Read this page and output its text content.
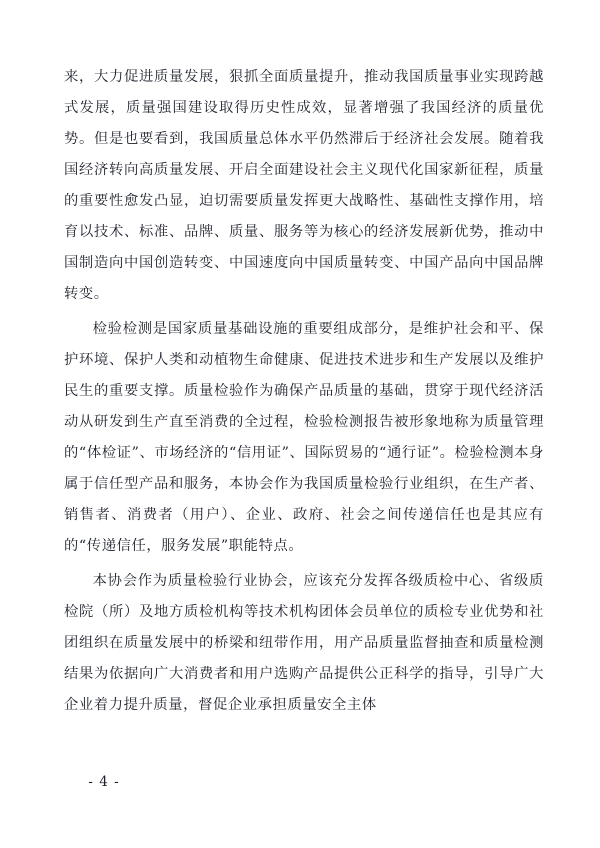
来，大力促进质量发展，狠抓全面质量提升，推动我国质量事业实现跨越式发展，质量强国建设取得历史性成效，显著增强了我国经济的质量优势。但是也要看到，我国质量总体水平仍然滞后于经济社会发展。随着我国经济转向高质量发展、开启全面建设社会主义现代化国家新征程，质量的重要性愈发凸显，迫切需要质量发挥更大战略性、基础性支撑作用，培育以技术、标准、品牌、质量、服务等为核心的经济发展新优势，推动中国制造向中国创造转变、中国速度向中国质量转变、中国产品向中国品牌转变。

检验检测是国家质量基础设施的重要组成部分，是维护社会和平、保护环境、保护人类和动植物生命健康、促进技术进步和生产发展以及维护民生的重要支撑。质量检验作为确保产品质量的基础，贯穿于现代经济活动从研发到生产直至消费的全过程，检验检测报告被形象地称为质量管理的“体检证”、市场经济的“信用证”、国际贸易的“通行证”。检验检测本身属于信任型产品和服务，本协会作为我国质量检验行业组织，在生产者、销售者、消费者（用户）、企业、政府、社会之间传递信任也是其应有的“传递信任，服务发展”职能特点。

本协会作为质量检验行业协会，应该充分发挥各级质检中心、省级质检院（所）及地方质检机构等技术机构团体会员单位的质检专业优势和社团组织在质量发展中的桥梁和纽带作用，用产品质量监督抽查和质量检测结果为依据向广大消费者和用户选购产品提供公正科学的指导，引导广大企业着力提升质量，督促企业承担质量安全主体

- 4 -
